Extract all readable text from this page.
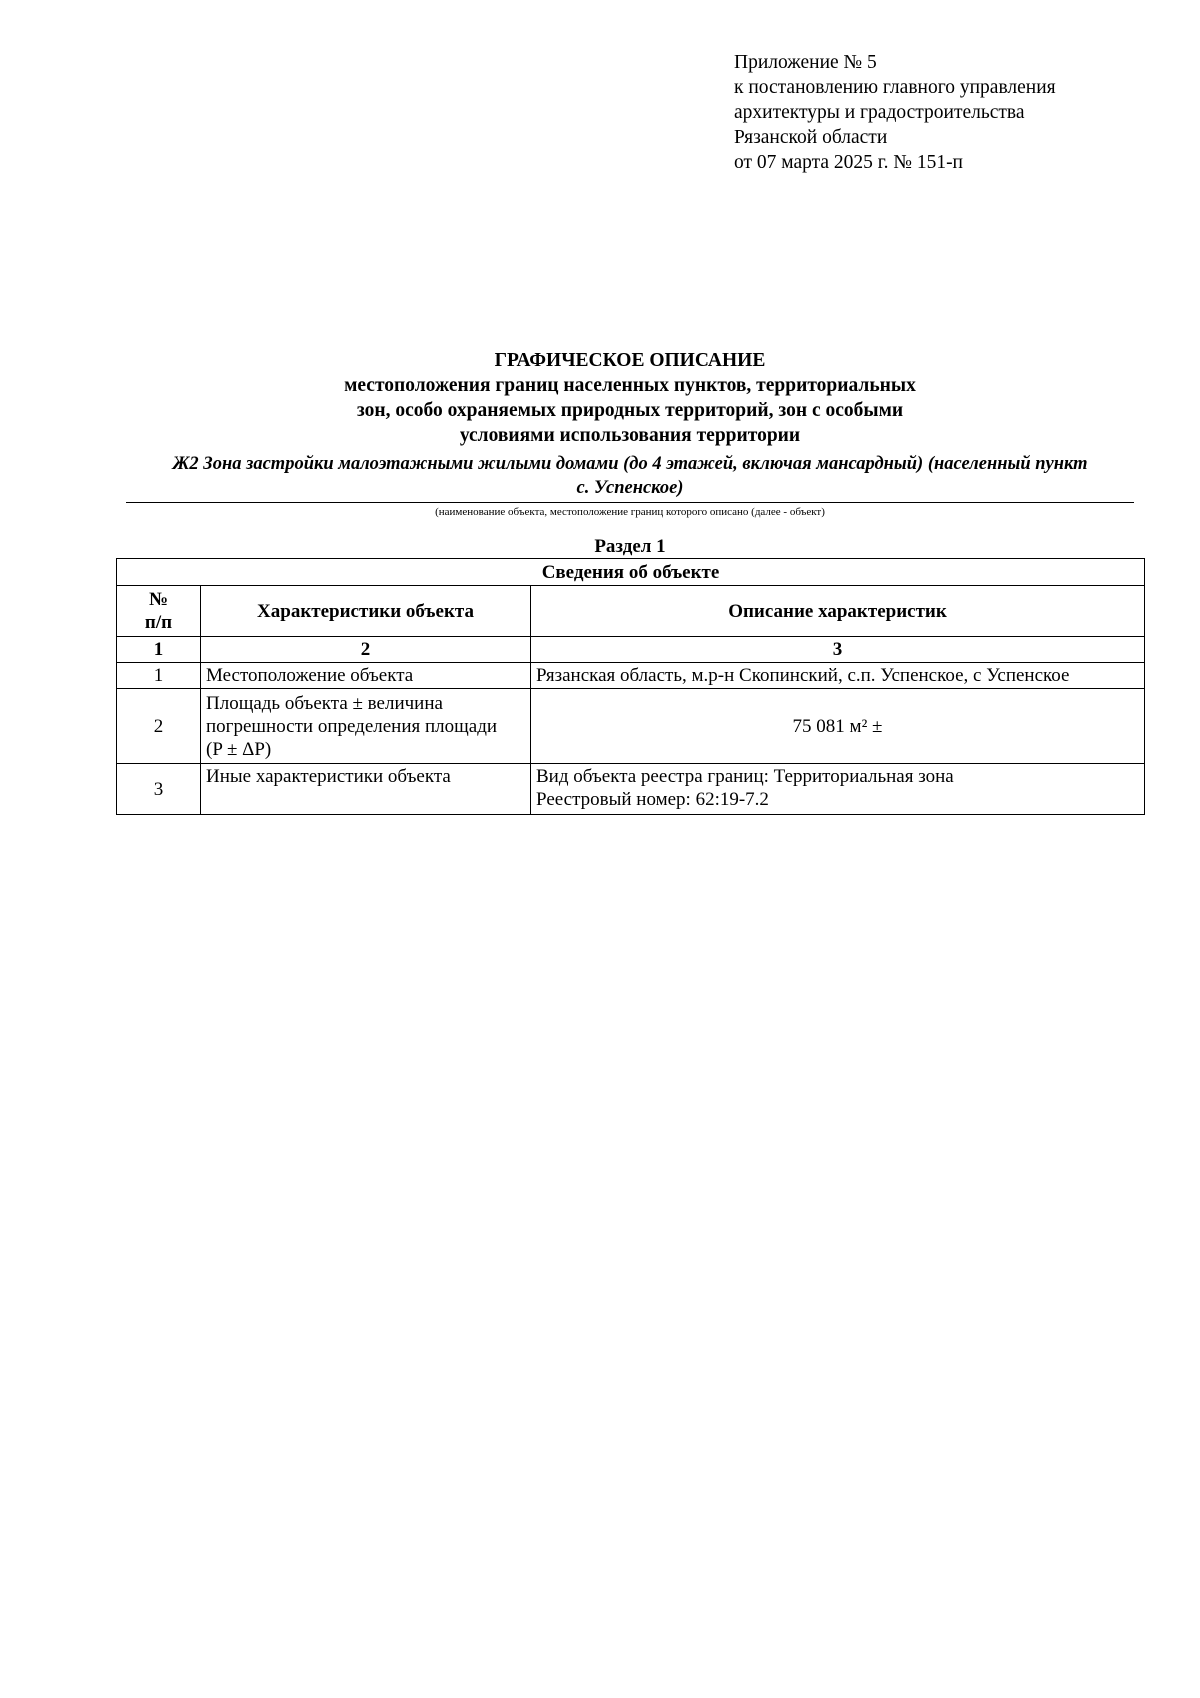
Приложение № 5
к постановлению главного управления
архитектуры и градостроительства
Рязанской области
от 07 марта 2025 г. № 151-п
ГРАФИЧЕСКОЕ ОПИСАНИЕ
местоположения границ населенных пунктов, территориальных
зон, особо охраняемых природных территорий, зон с особыми
условиями использования территории
Ж2 Зона застройки малоэтажными жилыми домами (до 4 этажей, включая мансардный) (населенный пункт
с. Успенское)
(наименование объекта, местоположение границ которого описано (далее - объект)
Раздел 1
Сведения об объекте		

№
п/п	Характеристики объекта	Описание характеристик
1	2	3
1	Местоположение объекта	Рязанская область, м.р-н Скопинский, с.п. Успенское, с Успенское
2	Площадь объекта ± величина
погрешности определения площади
(P ± ΔP)	75 081 м² ±
3	Иные характеристики объекта	Вид объекта реестра границ: Территориальная зона
Реестровый номер: 62:19-7.2
